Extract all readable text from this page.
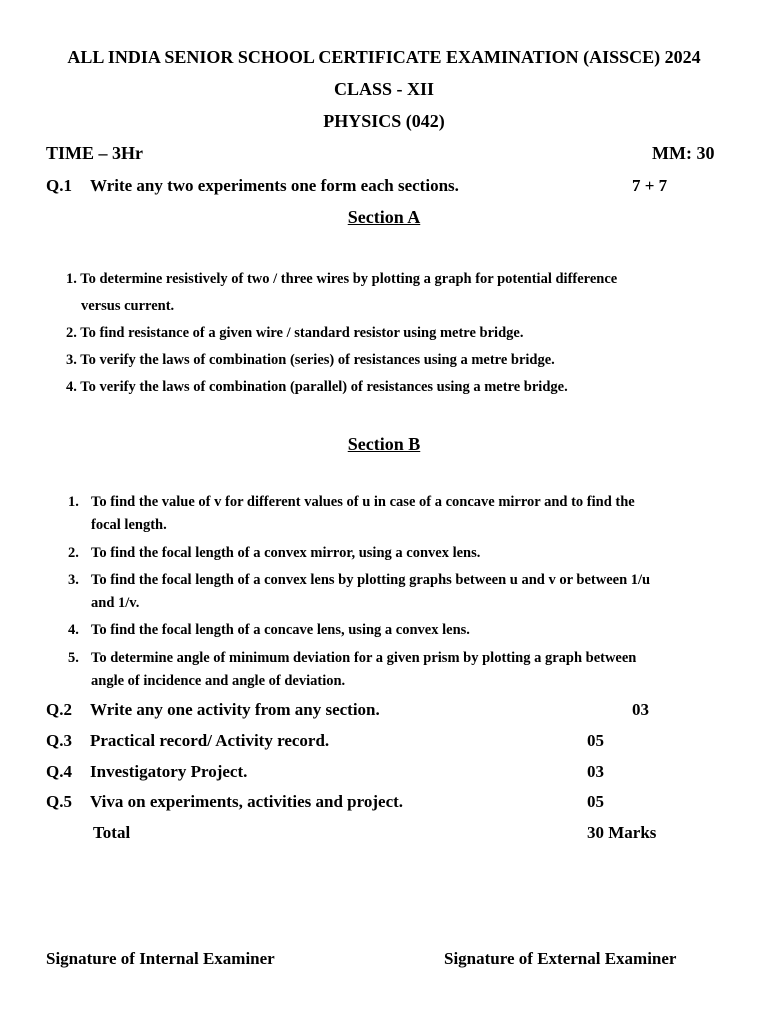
ALL INDIA SENIOR SCHOOL CERTIFICATE EXAMINATION (AISSCE) 2024
CLASS - XII
PHYSICS (042)
TIME – 3Hr	MM: 30
Q.1 Write any two experiments one form each sections.	7 + 7
Section A
1. To determine resistively of two / three wires by plotting a graph for potential difference
versus current.
2. To find resistance of a given wire / standard resistor using metre bridge.
3. To verify the laws of combination (series) of resistances using a metre bridge.
4. To verify the laws of combination (parallel) of resistances using a metre bridge.
Section B
1. To find the value of v for different values of u in case of a concave mirror and to find the
focal length.
2. To find the focal length of a convex mirror, using a convex lens.
3. To find the focal length of a convex lens by plotting graphs between u and v or between 1/u
and 1/v.
4. To find the focal length of a concave lens, using a convex lens.
5. To determine angle of minimum deviation for a given prism by plotting a graph between
angle of incidence and angle of deviation.
Q.2 Write any one activity from any section.	03
Q.3 Practical record/ Activity record.	05
Q.4 Investigatory Project.	03
Q.5 Viva on experiments, activities and project.	05
Total	30 Marks
Signature of Internal Examiner	Signature of External Examiner
